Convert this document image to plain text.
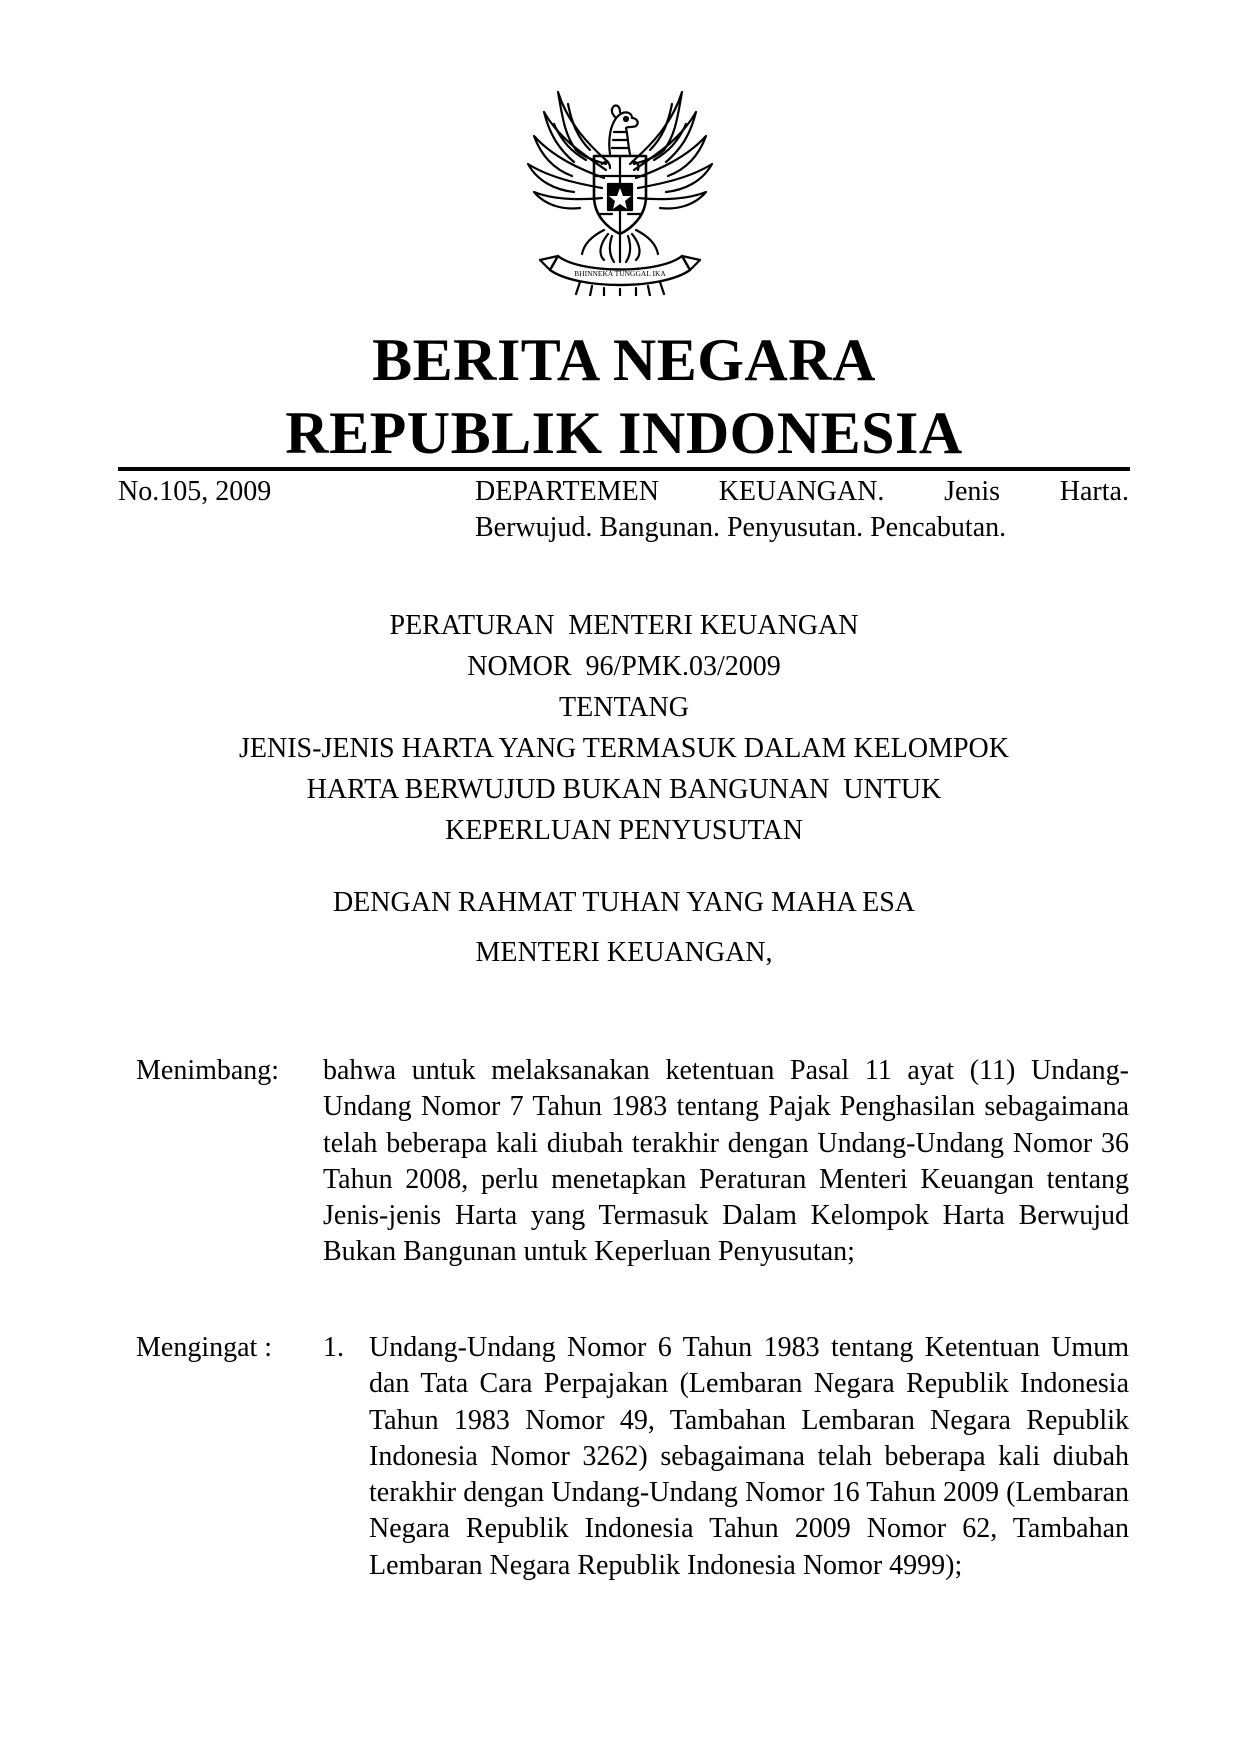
BHINNEKA TUNGGAL IKA
BERITA NEGARA
REPUBLIK INDONESIA
No.105, 2009	DEPARTEMEN KEUANGAN. Jenis Harta.
Berwujud. Bangunan. Penyusutan. Pencabutan.
PERATURAN  MENTERI KEUANGAN
NOMOR  96/PMK.03/2009
TENTANG
JENIS-JENIS HARTA YANG TERMASUK DALAM KELOMPOK
HARTA BERWUJUD BUKAN BANGUNAN  UNTUK
KEPERLUAN PENYUSUTAN
DENGAN RAHMAT TUHAN YANG MAHA ESA
MENTERI KEUANGAN,
Menimbang: bahwa untuk melaksanakan ketentuan Pasal 11 ayat (11) Undang-Undang Nomor 7 Tahun 1983 tentang Pajak Penghasilan sebagaimana telah beberapa kali diubah terakhir dengan Undang-Undang Nomor 36 Tahun 2008, perlu menetapkan Peraturan Menteri Keuangan tentang Jenis-jenis Harta yang Termasuk Dalam Kelompok Harta Berwujud Bukan Bangunan untuk Keperluan Penyusutan;
Mengingat : 1. Undang-Undang Nomor 6 Tahun 1983 tentang Ketentuan Umum dan Tata Cara Perpajakan (Lembaran Negara Republik Indonesia Tahun 1983 Nomor 49, Tambahan Lembaran Negara Republik Indonesia Nomor 3262) sebagaimana telah beberapa kali diubah terakhir dengan Undang-Undang Nomor 16 Tahun 2009 (Lembaran Negara Republik Indonesia Tahun 2009 Nomor 62, Tambahan Lembaran Negara Republik Indonesia Nomor 4999);
